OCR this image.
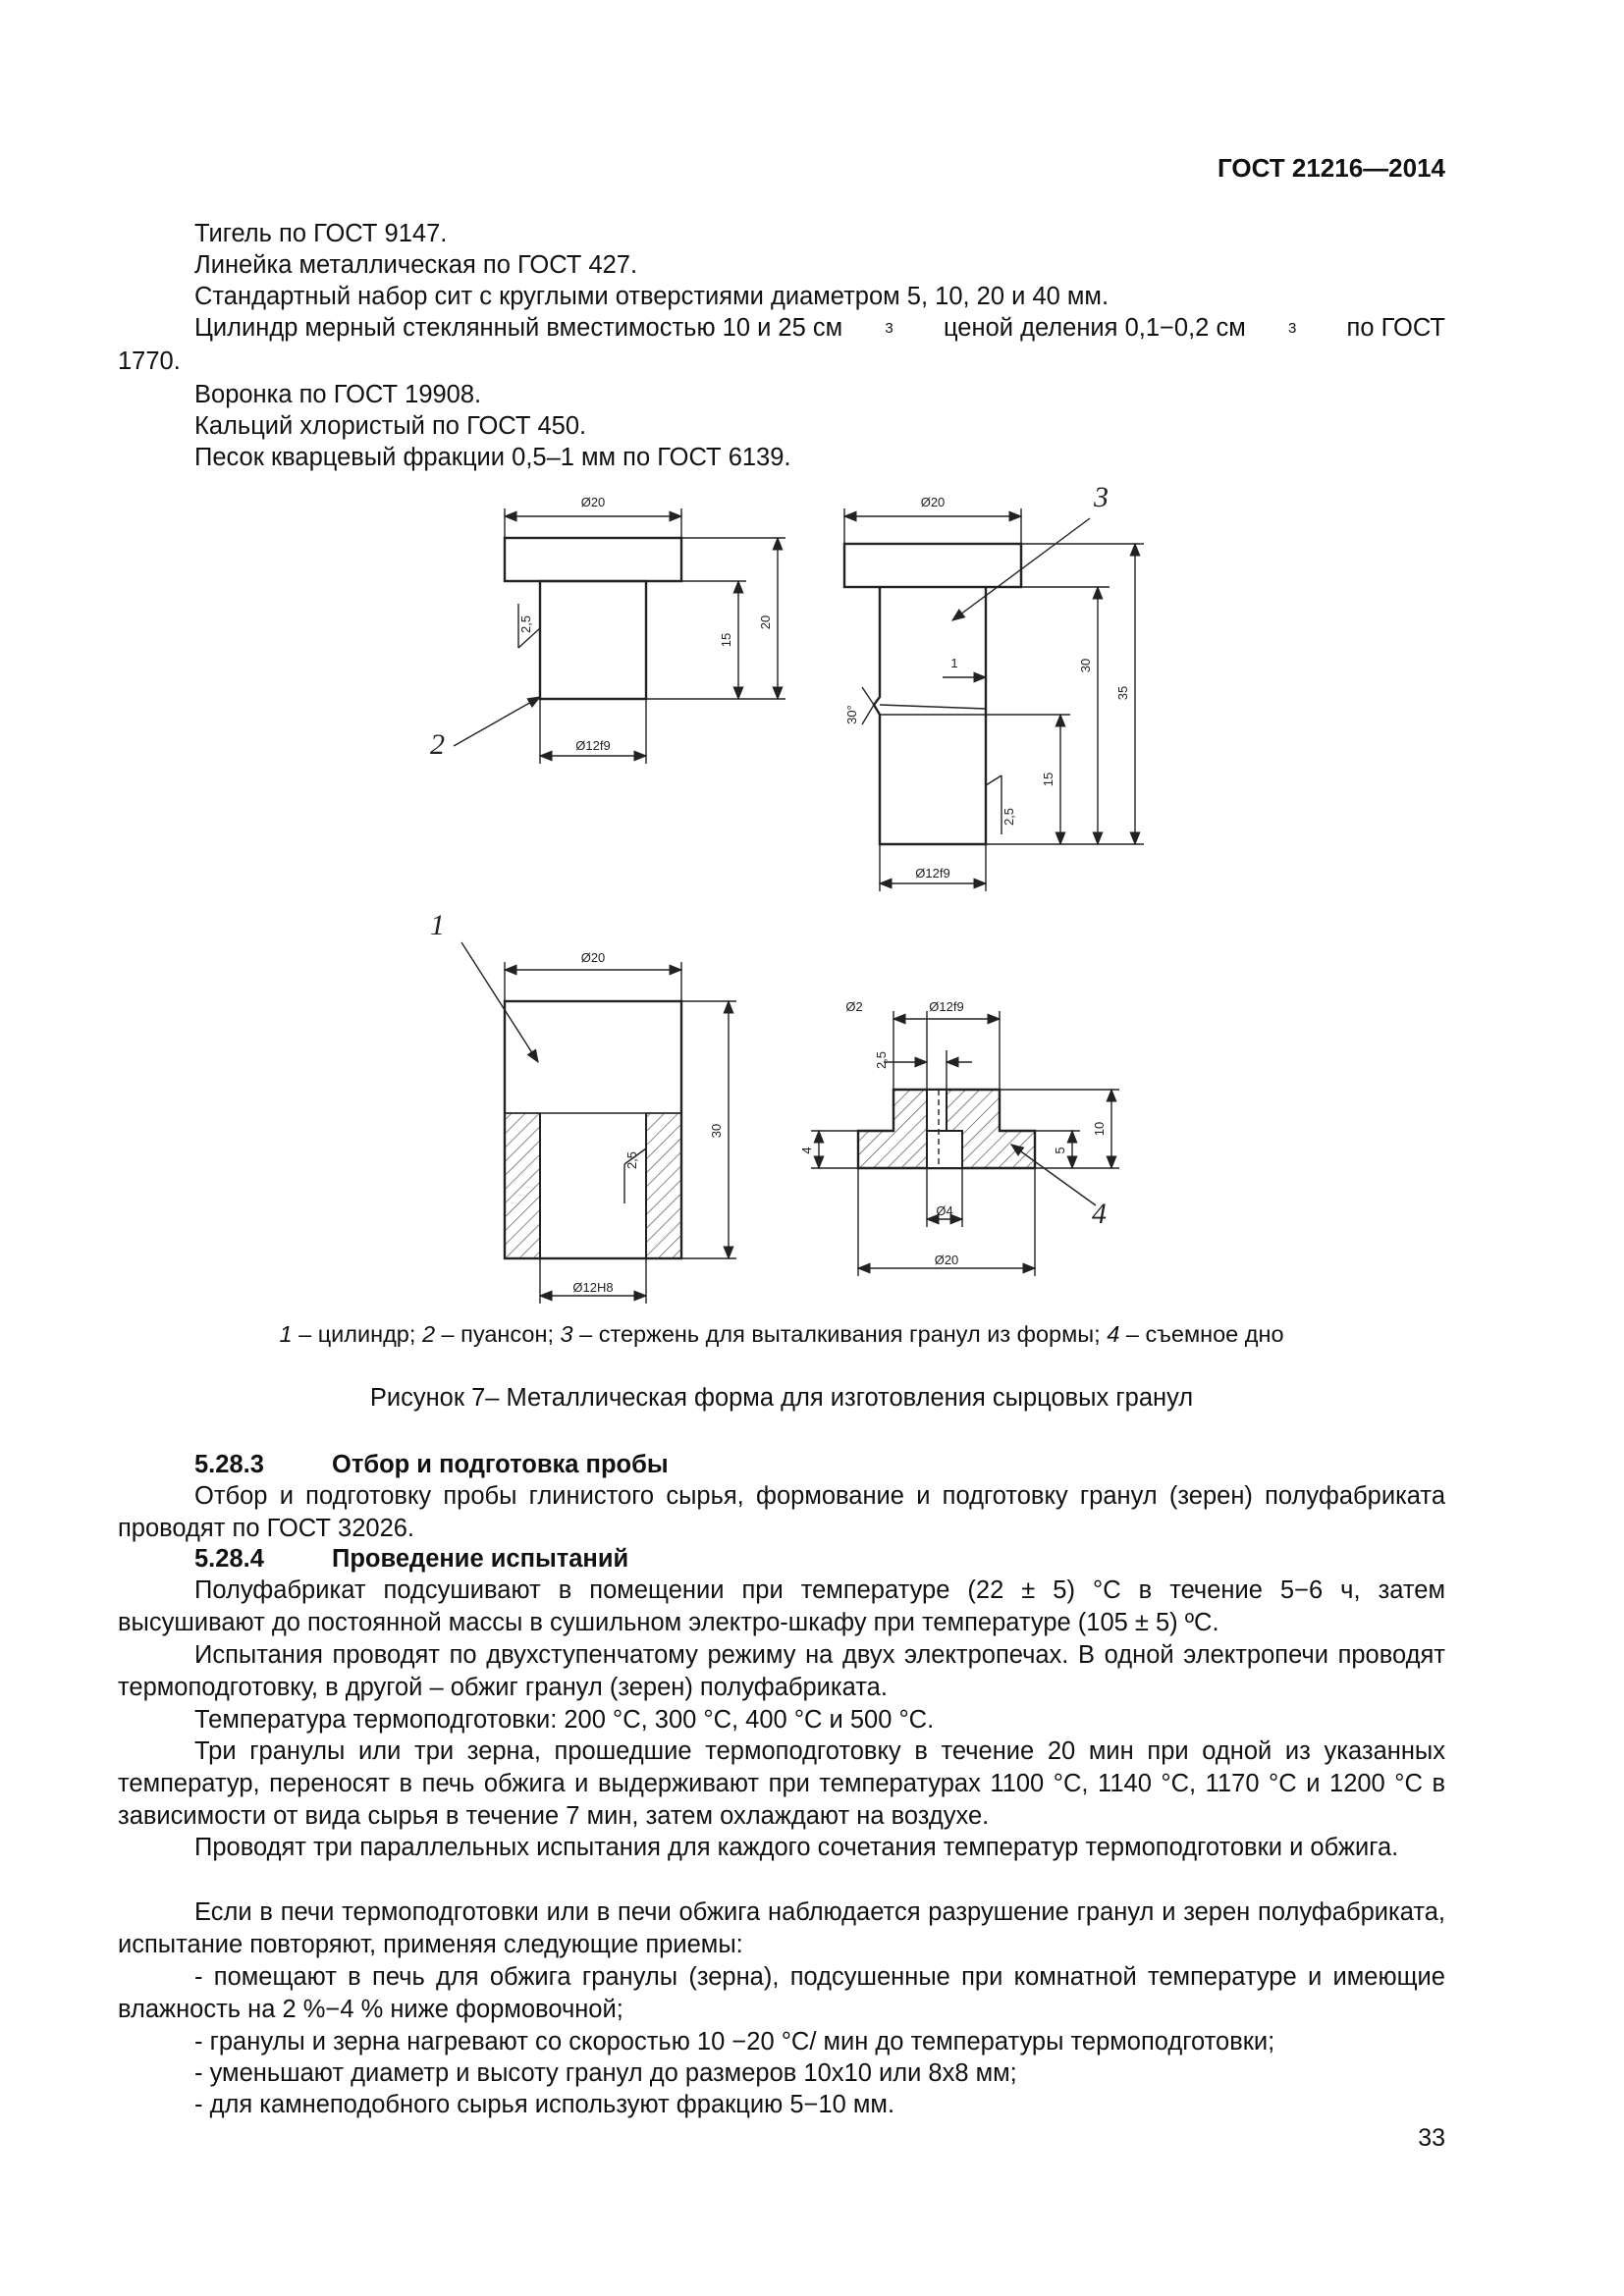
ГОСТ 21216—2014
Тигель по ГОСТ 9147.
Линейка металлическая по ГОСТ 427.
Стандартный набор сит с круглыми отверстиями диаметром 5, 10, 20 и 40 мм.
Цилиндр мерный стеклянный вместимостью 10 и 25 см	$^3$ ценой деления 0,1−0,2 см	$^3$ по ГОСТ
1770.
Воронка по ГОСТ 19908.
Кальций хлористый по ГОСТ 450.
Песок кварцевый фракции 0,5–1 мм по ГОСТ 6139.
Ø20
Ø12f9
15
20
2,5
Ø20
Ø12f9
30
35
15
2,5
1
30°
Ø20
Ø12H8
30
2,5
Ø2	Ø12f9
2,5
Ø4
Ø20
4	5
10
2
3
1
4
1 – цилиндр; 2 – пуансон; 3 – стержень для выталкивания гранул из формы; 4 – съемное дно
Рисунок 7– Металлическая форма для изготовления сырцовых гранул
5.28.3	Отбор и подготовка пробы
Отбор и подготовку пробы глинистого сырья, формование и подготовку гранул (зерен) полуфабриката проводят по ГОСТ 32026.
5.28.4	Проведение испытаний
Полуфабрикат подсушивают в помещении при температуре (22 ± 5) °С в течение 5−6 ч, затем высушивают до постоянной массы в сушильном электро-шкафу при температуре (105 ± 5) ºС.
Испытания проводят по двухступенчатому режиму на двух электропечах. В одной электропечи проводят термоподготовку, в другой – обжиг гранул (зерен) полуфабриката.
Температура термоподготовки: 200 °С, 300 °С, 400 °С и 500 °С.
Три гранулы или три зерна, прошедшие термоподготовку в течение 20 мин при одной из указанных температур, переносят в печь обжига и выдерживают при температурах 1100 °С, 1140 °С, 1170 °С и 1200 °С в зависимости от вида сырья в течение 7 мин, затем охлаждают на воздухе.
Проводят три параллельных испытания для каждого сочетания температур термоподготовки и обжига.
Если в печи термоподготовки или в печи обжига наблюдается разрушение гранул и зерен полуфабриката, испытание повторяют, применяя следующие приемы:
- помещают в печь для обжига гранулы (зерна), подсушенные при комнатной температуре и имеющие влажность на 2 %−4 % ниже формовочной;
- гранулы и зерна нагревают со скоростью 10 −20 °С/ мин до температуры термоподготовки;
- уменьшают диаметр и высоту гранул до размеров 10х10 или 8х8 мм;
- для камнеподобного сырья используют фракцию 5−10 мм.
33
